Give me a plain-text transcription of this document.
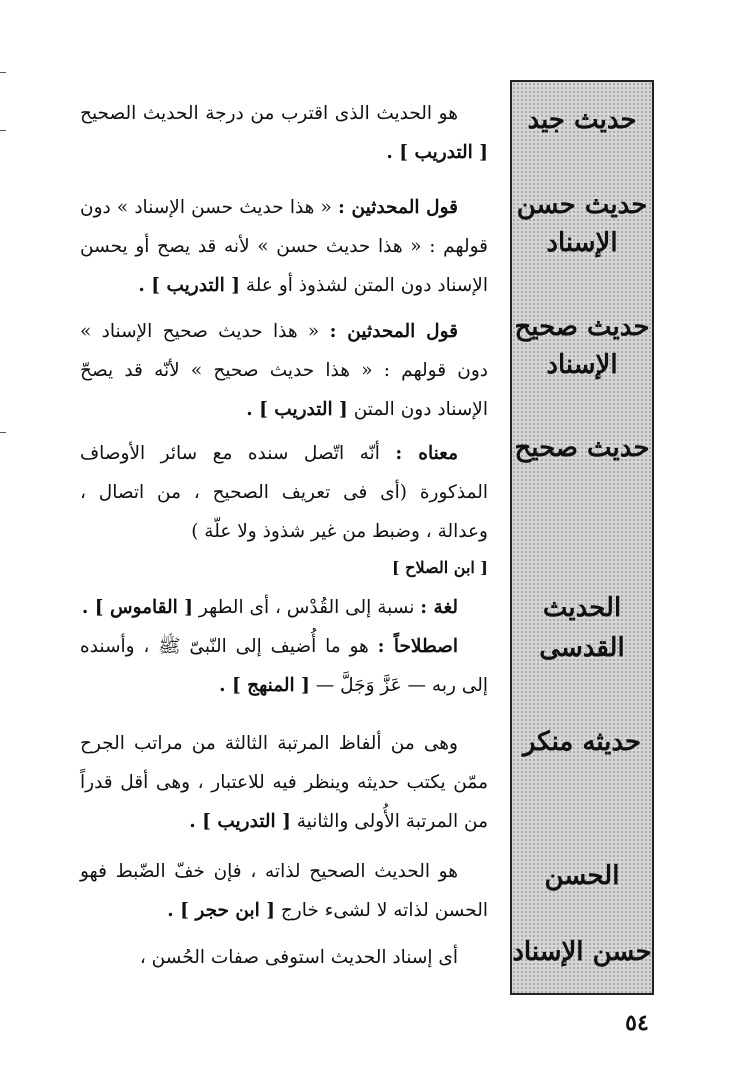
حديث جيد
حديث حسن الإسناد
حديث صحيح الإسناد
حديث صحيح
الحديث القدسى
حديثه منكر
الحسن
حسن الإسناد

هو الحديث الذى اقترب من درجة الحديث الصحيح [ التدريب ] .

قول المحدثين : « هذا حديث حسن الإسناد » دون قولهم : « هذا حديث حسن » لأنه قد يصح أو يحسن الإسناد دون المتن لشذوذ أو علة [ التدريب ] .

قول المحدثين : « هذا حديث صحيح الإسناد » دون قولهم : « هذا حديث صحيح » لأنّه قد يصحّ الإسناد دون المتن [ التدريب ] .

معناه : أنّه اتّصل سنده مع سائر الأوصاف المذكورة (أى فى تعريف الصحيح ، من اتصال ، وعدالة ، وضبط من غير شذوذ ولا علّة )

[ ابن الصلاح ]

لغة : نسبة إلى القُدْس ، أى الطهر [ القاموس ] .

اصطلاحاً : هو ما أُضيف إلى النّبىّ ﷺ ، وأسنده إلى ربه — عَزَّ وَجَلَّ — [ المنهج ] .

وهى من ألفاظ المرتبة الثالثة من مراتب الجرح ممّن يكتب حديثه وينظر فيه للاعتبار ، وهى أقل قدراً من المرتبة الأُولى والثانية [ التدريب ] .

هو الحديث الصحيح لذاته ، فإن خفّ الضّبط فهو الحسن لذاته لا لشىء خارج [ ابن حجر ] .

أى إسناد الحديث استوفى صفات الحُسن ،

٥٤
